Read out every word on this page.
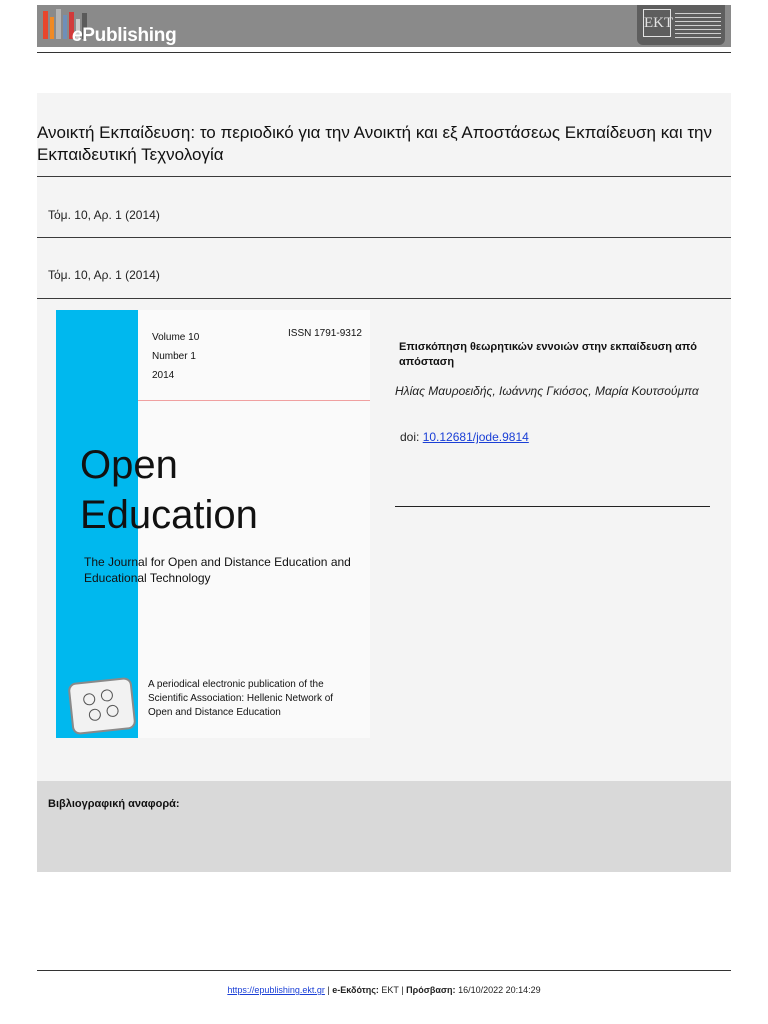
ePublishing
EKT
Ανοικτή Εκπαίδευση: το περιοδικό για την Ανοικτή και εξ Αποστάσεως Εκπαίδευση και την Εκπαιδευτική Τεχνολογία
Τόμ. 10, Αρ. 1 (2014)
Τόμ. 10, Αρ. 1 (2014)
Volume 10
Number 1
2014
ISSN 1791-9312
Open
Education
The Journal for Open and Distance Education and Educational Technology
A periodical electronic publication of the Scientific Association: Hellenic Network of Open and Distance Education
Επισκόπηση θεωρητικών εννοιών στην εκπαίδευση από απόσταση
Ηλίας Μαυροειδής, Ιωάννης Γκιόσος, Μαρία Κουτσούμπα
doi: 10.12681/jode.9814
Βιβλιογραφική αναφορά:
https://epublishing.ekt.gr | e-Εκδότης: EKT | Πρόσβαση: 16/10/2022 20:14:29
